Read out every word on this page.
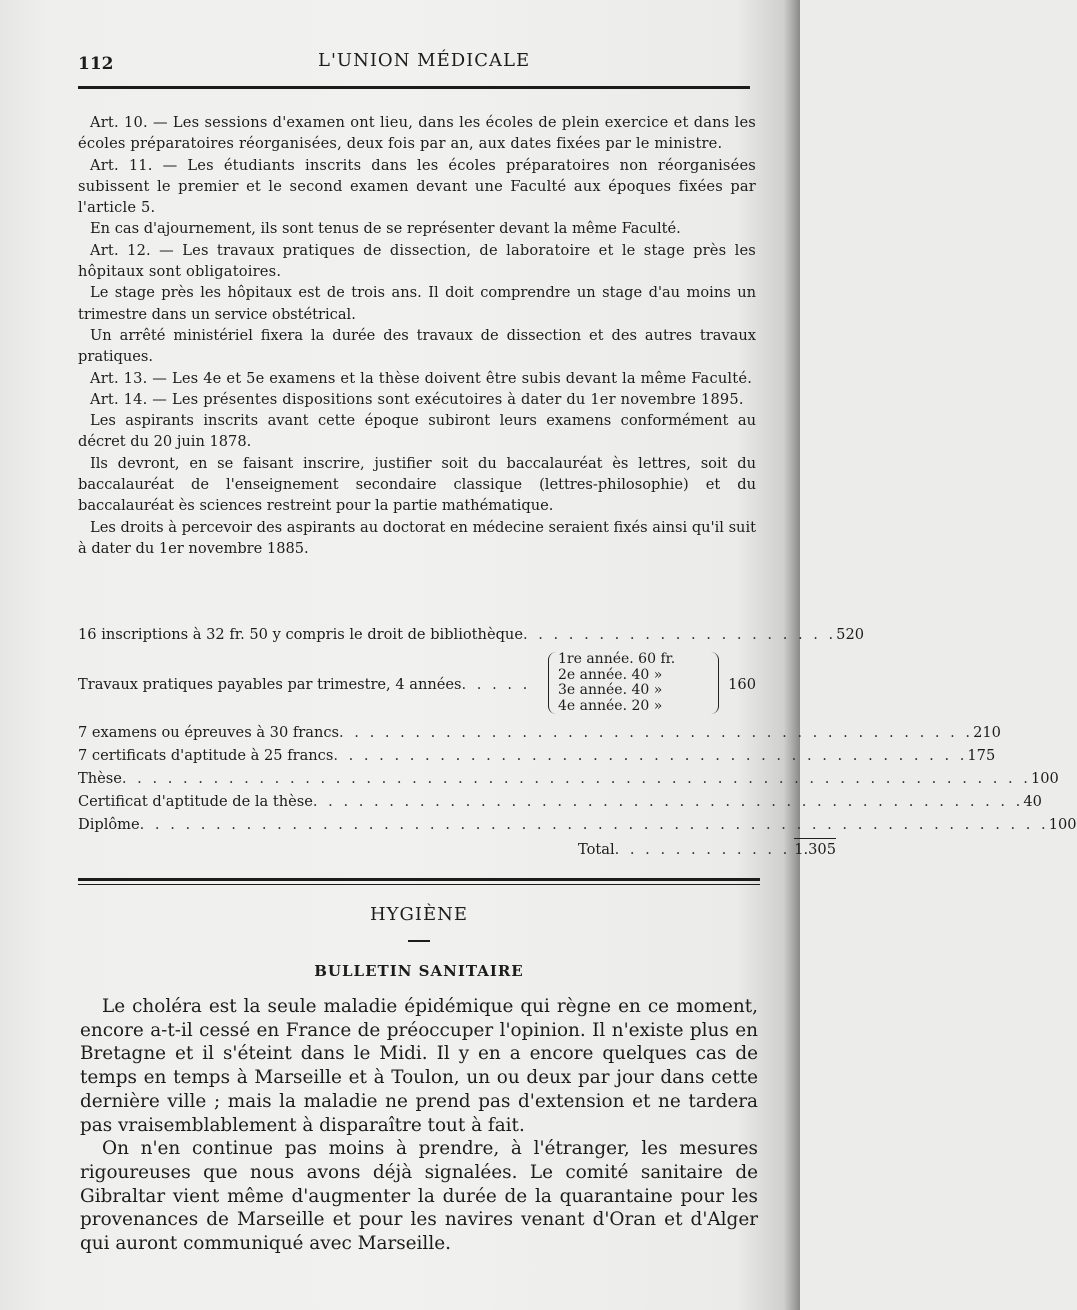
112	L'UNION MÉDICALE

Art. 10. — Les sessions d'examen ont lieu, dans les écoles de plein exercice et dans les écoles préparatoires réorganisées, deux fois par an, aux dates fixées par le ministre.

Art. 11. — Les étudiants inscrits dans les écoles préparatoires non réorganisées subissent le premier et le second examen devant une Faculté aux époques fixées par l'article 5.

En cas d'ajournement, ils sont tenus de se représenter devant la même Faculté.

Art. 12. — Les travaux pratiques de dissection, de laboratoire et le stage près les hôpitaux sont obligatoires.

Le stage près les hôpitaux est de trois ans. Il doit comprendre un stage d'au moins un trimestre dans un service obstétrical.

Un arrêté ministériel fixera la durée des travaux de dissection et des autres travaux pratiques.

Art. 13. — Les 4e et 5e examens et la thèse doivent être subis devant la même Faculté.

Art. 14. — Les présentes dispositions sont exécutoires à dater du 1er novembre 1895.

Les aspirants inscrits avant cette époque subiront leurs examens conformément au décret du 20 juin 1878.

Ils devront, en se faisant inscrire, justifier soit du baccalauréat ès lettres, soit du baccalauréat de l'enseignement secondaire classique (lettres-philosophie) et du baccalauréat ès sciences restreint pour la partie mathématique.

Les droits à percevoir des aspirants au doctorat en médecine seraient fixés ainsi qu'il suit à dater du 1er novembre 1885.

16 inscriptions à 32 fr. 50 y compris le droit de bibliothèque . . . . . . . . . . . . . . . . . . . . . 520
1re année. 60 fr.
2e année. 40 »
3e année. 40 »
4e année. 20 »
Travaux pratiques payables par trimestre, 4 années . . . . .	160
7 examens ou épreuves à 30 francs . . . . . . . . . . . . . . . . . . . . . . . . . . . . . . . . . . . . . . . . . . 210
7 certificats d'aptitude à 25 francs . . . . . . . . . . . . . . . . . . . . . . . . . . . . . . . . . . . . . . . . . . 175
Thèse . . . . . . . . . . . . . . . . . . . . . . . . . . . . . . . . . . . . . . . . . . . . . . . . . . . . . . . . . . . . 100
Certificat d'aptitude de la thèse . . . . . . . . . . . . . . . . . . . . . . . . . . . . . . . . . . . . . . . . . . . . . . . 40
Diplôme . . . . . . . . . . . . . . . . . . . . . . . . . . . . . . . . . . . . . . . . . . . . . . . . . . . . . . . . . . . . 100
Total . . . . . . . . . . . . 1.305
HYGIÈNE
BULLETIN SANITAIRE

Le choléra est la seule maladie épidémique qui règne en ce moment, encore a-t-il cessé en France de préoccuper l'opinion. Il n'existe plus en Bretagne et il s'éteint dans le Midi. Il y en a encore quelques cas de temps en temps à Marseille et à Toulon, un ou deux par jour dans cette dernière ville ; mais la maladie ne prend pas d'extension et ne tardera pas vraisemblablement à disparaître tout à fait.

On n'en continue pas moins à prendre, à l'étranger, les mesures rigoureuses que nous avons déjà signalées. Le comité sanitaire de Gibraltar vient même d'augmenter la durée de la quarantaine pour les provenances de Marseille et pour les navires venant d'Oran et d'Alger qui auront communiqué avec Marseille.
